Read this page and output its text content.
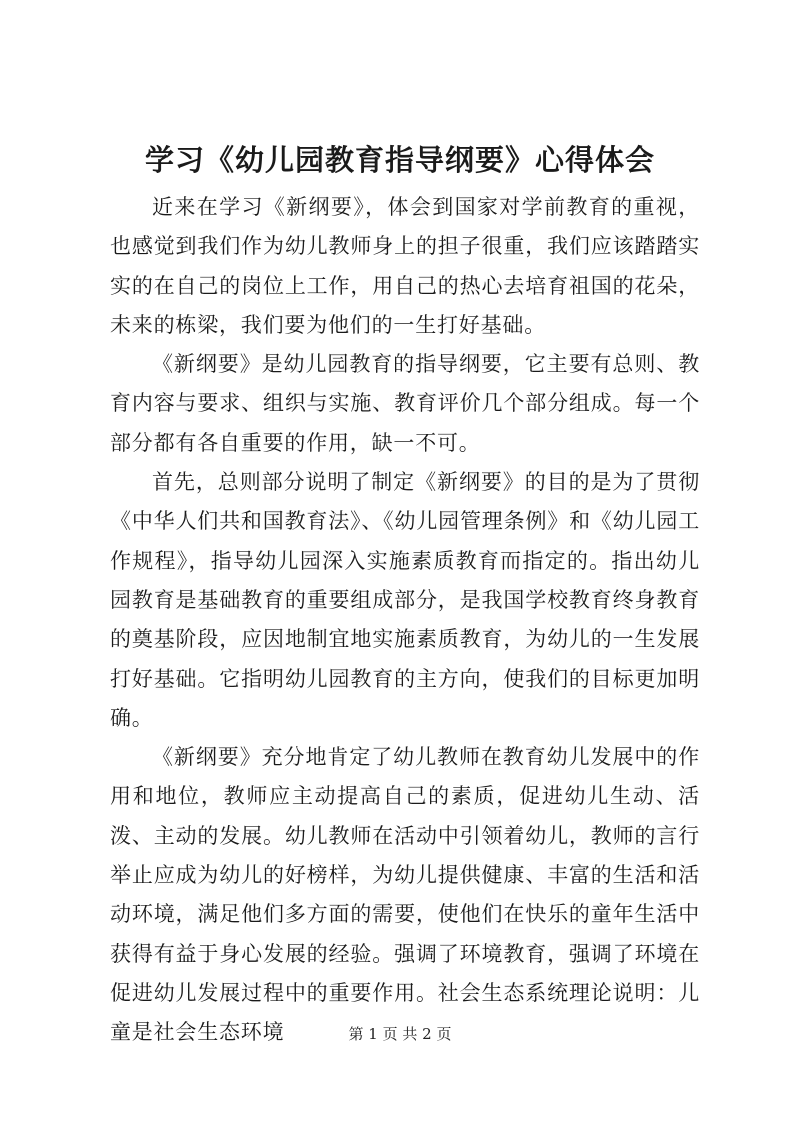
学习《幼儿园教育指导纲要》心得体会

近来在学习《新纲要》，体会到国家对学前教育的重视，也感觉到我们作为幼儿教师身上的担子很重，我们应该踏踏实实的在自己的岗位上工作，用自己的热心去培育祖国的花朵，未来的栋梁，我们要为他们的一生打好基础。

《新纲要》是幼儿园教育的指导纲要，它主要有总则、教育内容与要求、组织与实施、教育评价几个部分组成。每一个部分都有各自重要的作用，缺一不可。

首先，总则部分说明了制定《新纲要》的目的是为了贯彻《中华人们共和国教育法》、《幼儿园管理条例》和《幼儿园工作规程》，指导幼儿园深入实施素质教育而指定的。指出幼儿园教育是基础教育的重要组成部分，是我国学校教育终身教育的奠基阶段，应因地制宜地实施素质教育，为幼儿的一生发展打好基础。它指明幼儿园教育的主方向，使我们的目标更加明确。

《新纲要》充分地肯定了幼儿教师在教育幼儿发展中的作用和地位，教师应主动提高自己的素质，促进幼儿生动、活泼、主动的发展。幼儿教师在活动中引领着幼儿，教师的言行举止应成为幼儿的好榜样，为幼儿提供健康、丰富的生活和活动环境，满足他们多方面的需要，使他们在快乐的童年生活中获得有益于身心发展的经验。强调了环境教育，强调了环境在促进幼儿发展过程中的重要作用。社会生态系统理论说明：儿童是社会生态环境	第 1 页 共 2 页
